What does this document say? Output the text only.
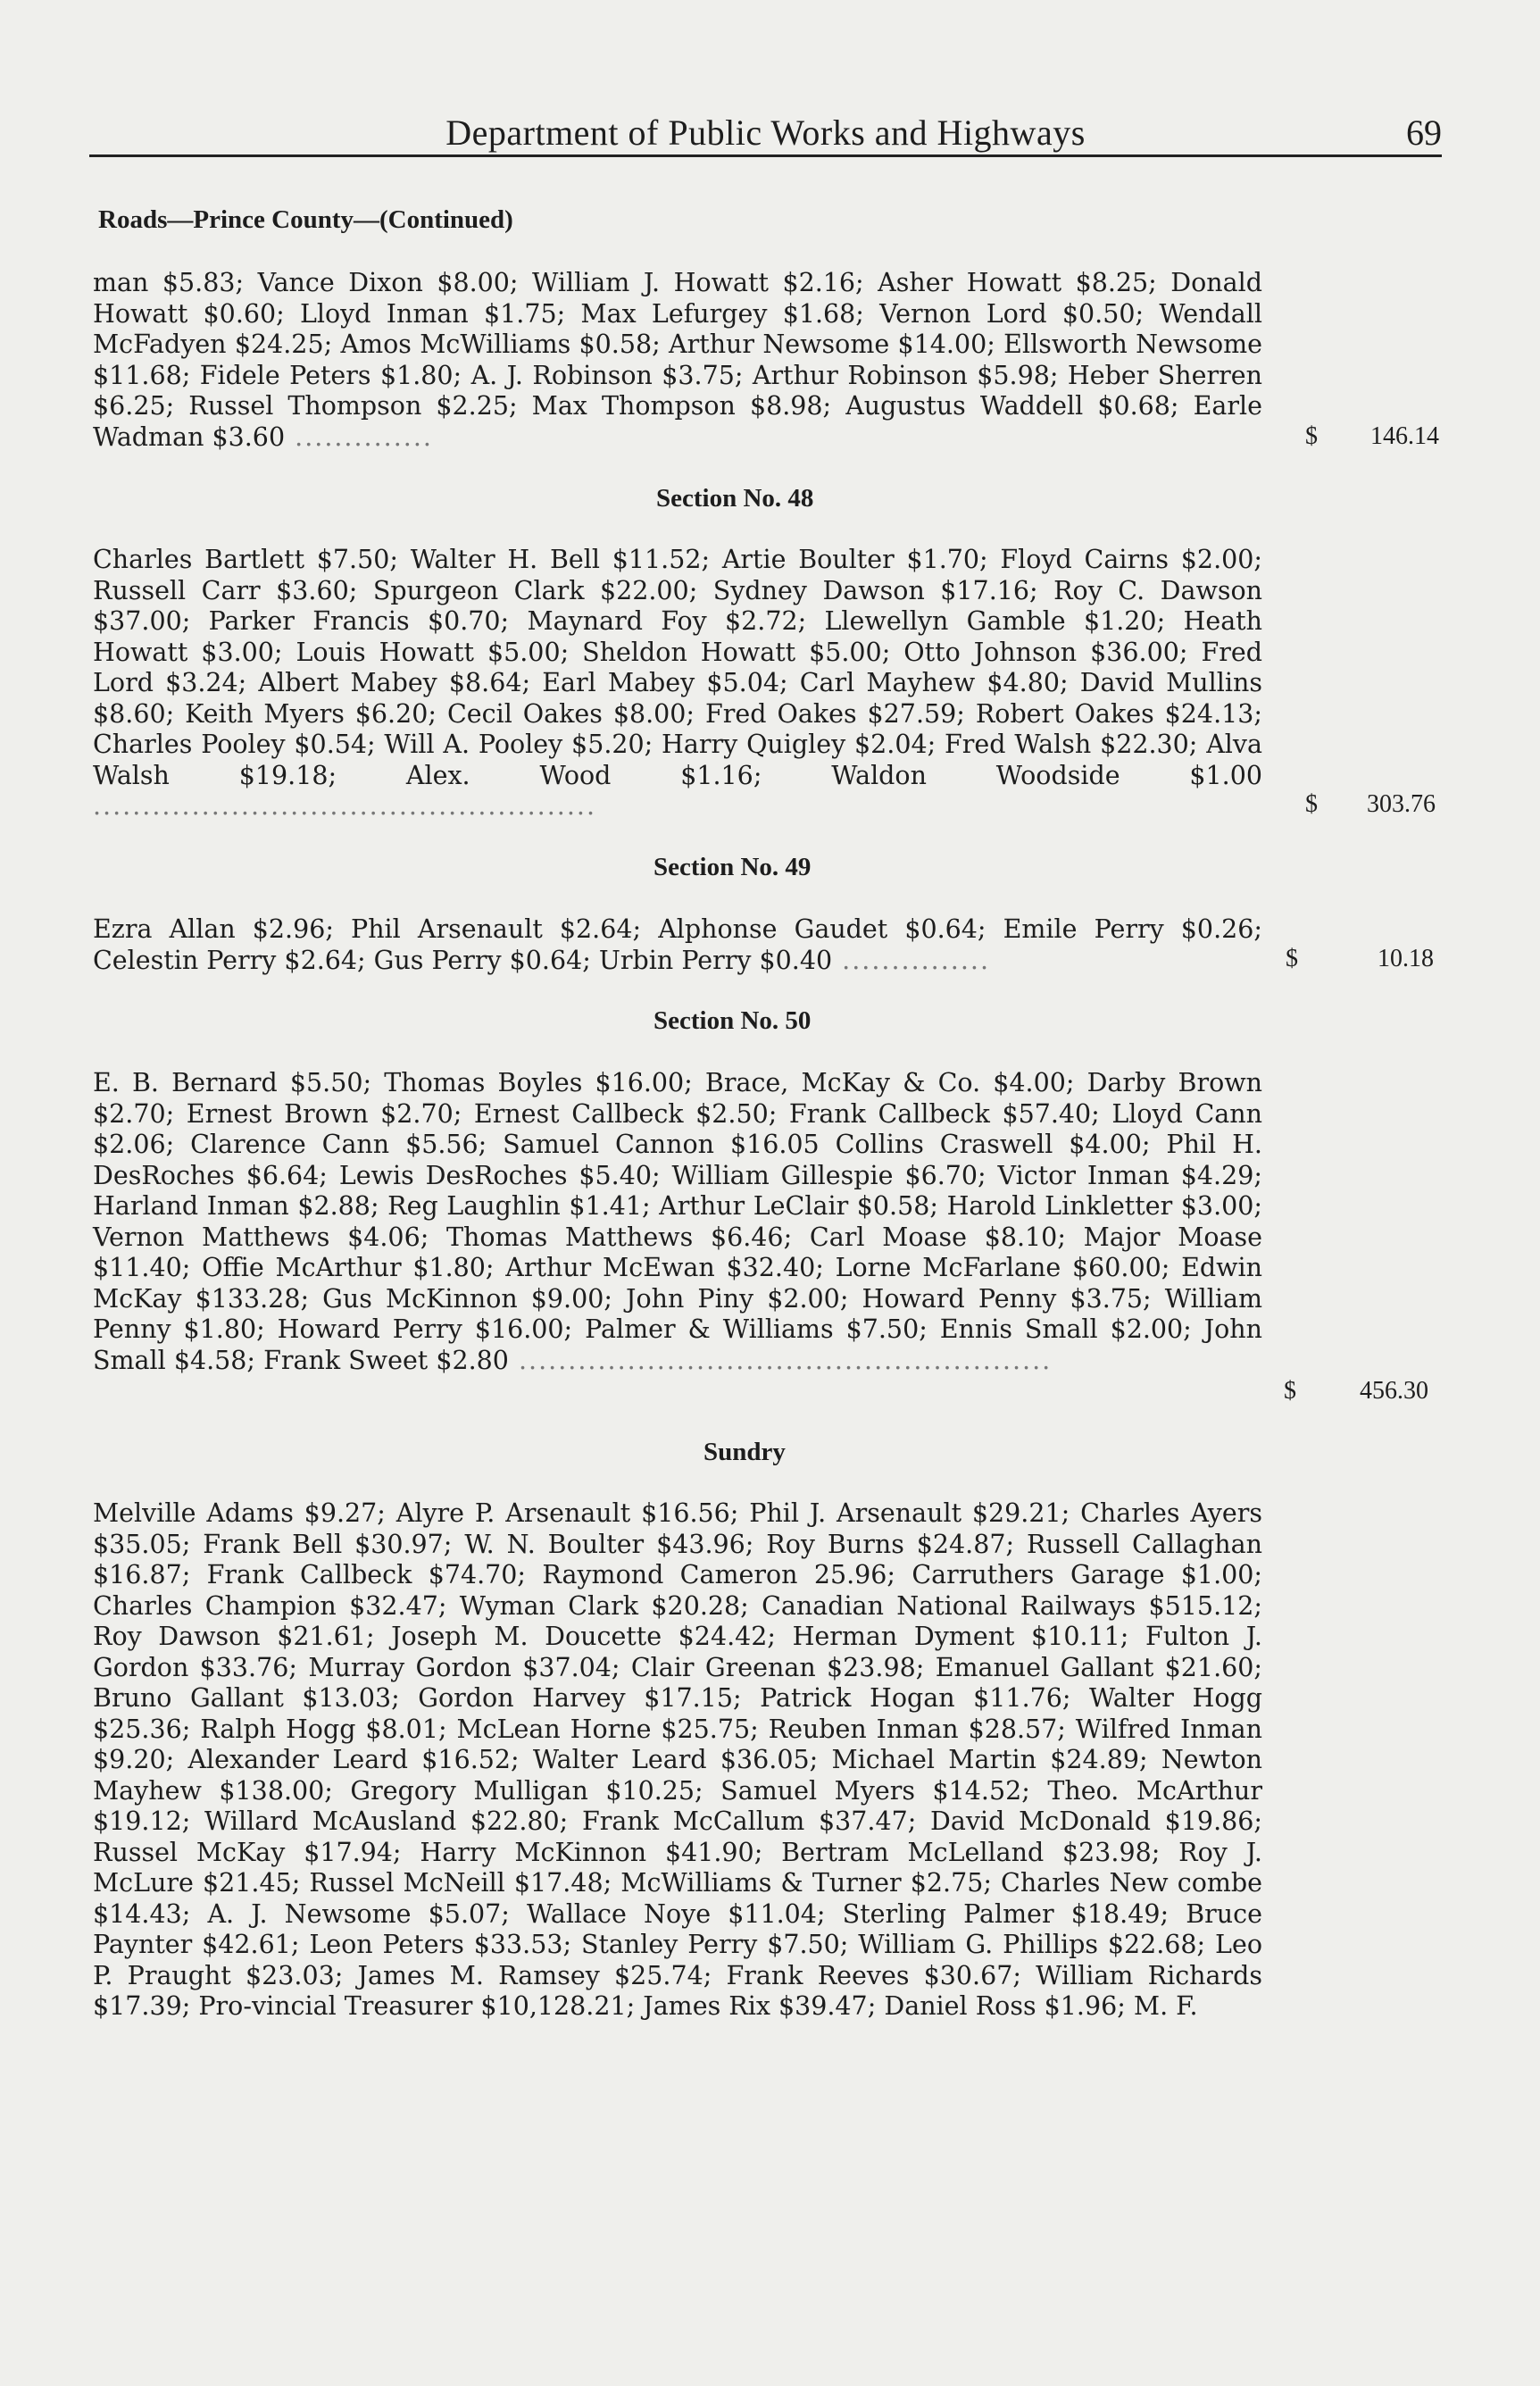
Department of Public Works and Highways	69
Roads—Prince County—(Continued)
man $5.83; Vance Dixon $8.00; William J. Howatt $2.16; Asher Howatt $8.25; Donald Howatt $0.60; Lloyd Inman $1.75; Max Lefurgey $1.68; Vernon Lord $0.50; Wendall McFadyen $24.25; Amos McWilliams $0.58; Arthur Newsome $14.00; Ellsworth Newsome $11.68; Fidele Peters $1.80; A. J. Robinson $3.75; Arthur Robinson $5.98; Heber Sherren $6.25; Russel Thompson $2.25; Max Thompson $8.98; Augustus Waddell $0.68; Earle Wadman $3.60 ..............	$	146.14
Section No. 48
Charles Bartlett $7.50; Walter H. Bell $11.52; Artie Boulter $1.70; Floyd Cairns $2.00; Russell Carr $3.60; Spurgeon Clark $22.00; Sydney Dawson $17.16; Roy C. Dawson $37.00; Parker Francis $0.70; Maynard Foy $2.72; Llewellyn Gamble $1.20; Heath Howatt $3.00; Louis Howatt $5.00; Sheldon Howatt $5.00; Otto Johnson $36.00; Fred Lord $3.24; Albert Mabey $8.64; Earl Mabey $5.04; Carl Mayhew $4.80; David Mullins $8.60; Keith Myers $6.20; Cecil Oakes $8.00; Fred Oakes $27.59; Robert Oakes $24.13; Charles Pooley $0.54; Will A. Pooley $5.20; Harry Quigley $2.04; Fred Walsh $22.30; Alva Walsh $19.18; Alex. Wood $1.16; Waldon Woodside $1.00 ...................................................	$	303.76
Section No. 49
Ezra Allan $2.96; Phil Arsenault $2.64; Alphonse Gaudet $0.64; Emile Perry $0.26; Celestin Perry $2.64; Gus Perry $0.64; Urbin Perry $0.40 ...............	$	10.18
Section No. 50
E. B. Bernard $5.50; Thomas Boyles $16.00; Brace, McKay & Co. $4.00; Darby Brown $2.70; Ernest Brown $2.70; Ernest Callbeck $2.50; Frank Callbeck $57.40; Lloyd Cann $2.06; Clarence Cann $5.56; Samuel Cannon $16.05 Collins Craswell $4.00; Phil H. DesRoches $6.64; Lewis DesRoches $5.40; William Gillespie $6.70; Victor Inman $4.29; Harland Inman $2.88; Reg Laughlin $1.41; Arthur LeClair $0.58; Harold Linkletter $3.00; Vernon Matthews $4.06; Thomas Matthews $6.46; Carl Moase $8.10; Major Moase $11.40; Offie McArthur $1.80; Arthur McEwan $32.40; Lorne McFarlane $60.00; Edwin McKay $133.28; Gus McKinnon $9.00; John Piny $2.00; Howard Penny $3.75; William Penny $1.80; Howard Perry $16.00; Palmer & Williams $7.50; Ennis Small $2.00; John Small $4.58; Frank Sweet $2.80 ......................................................
$	456.30
Sundry
Melville Adams $9.27; Alyre P. Arsenault $16.56; Phil J. Arsenault $29.21; Charles Ayers $35.05; Frank Bell $30.97; W. N. Boulter $43.96; Roy Burns $24.87; Russell Callaghan $16.87; Frank Callbeck $74.70; Raymond Cameron 25.96; Carruthers Garage $1.00; Charles Champion $32.47; Wyman Clark $20.28; Canadian National Railways $515.12; Roy Dawson $21.61; Joseph M. Doucette $24.42; Herman Dyment $10.11; Fulton J. Gordon $33.76; Murray Gordon $37.04; Clair Greenan $23.98; Emanuel Gallant $21.60; Bruno Gallant $13.03; Gordon Harvey $17.15; Patrick Hogan $11.76; Walter Hogg $25.36; Ralph Hogg $8.01; McLean Horne $25.75; Reuben Inman $28.57; Wilfred Inman $9.20; Alexander Leard $16.52; Walter Leard $36.05; Michael Martin $24.89; Newton Mayhew $138.00; Gregory Mulligan $10.25; Samuel Myers $14.52; Theo. McArthur $19.12; Willard McAusland $22.80; Frank McCallum $37.47; David McDonald $19.86; Russel McKay $17.94; Harry McKinnon $41.90; Bertram McLelland $23.98; Roy J. McLure $21.45; Russel McNeill $17.48; McWilliams & Turner $2.75; Charles New combe $14.43; A. J. Newsome $5.07; Wallace Noye $11.04; Sterling Palmer $18.49; Bruce Paynter $42.61; Leon Peters $33.53; Stanley Perry $7.50; William G. Phillips $22.68; Leo P. Praught $23.03; James M. Ramsey $25.74; Frank Reeves $30.67; William Richards $17.39; Pro-vincial Treasurer $10,128.21; James Rix $39.47; Daniel Ross $1.96; M. F.
